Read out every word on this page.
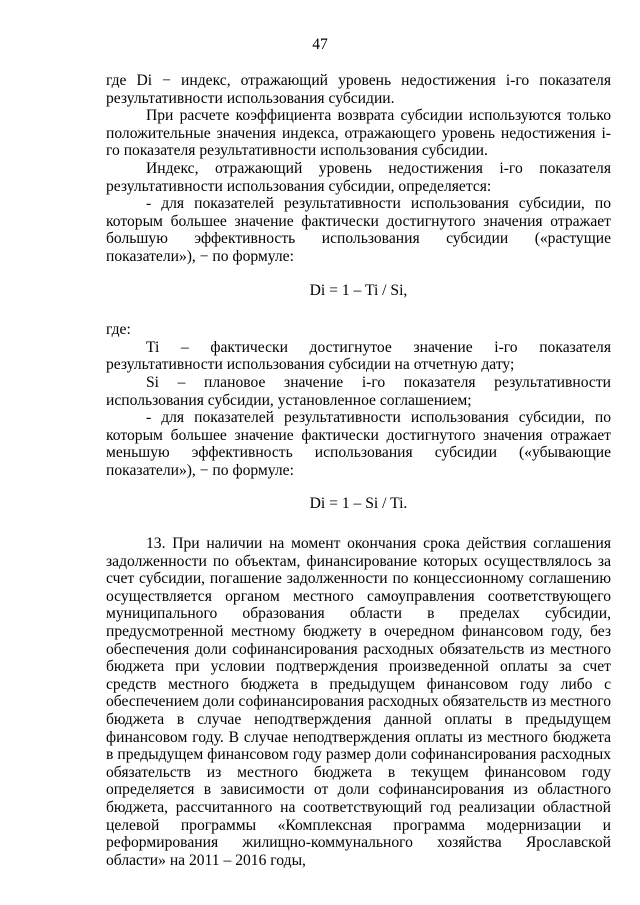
47

где Di − индекс, отражающий уровень недостижения i-го показателя результативности использования субсидии.

При расчете коэффициента возврата субсидии используются только положительные значения индекса, отражающего уровень недостижения i-го показателя результативности использования субсидии.

Индекс, отражающий уровень недостижения i-го показателя результативности использования субсидии, определяется:

- для показателей результативности использования субсидии, по которым большее значение фактически достигнутого значения отражает большую эффективность использования субсидии («растущие показатели»), − по формуле:

Di = 1 – Ti / Si,

где:

Ti – фактически достигнутое значение i-го показателя результативности использования субсидии на отчетную дату;

Si – плановое значение i-го показателя результативности использования субсидии, установленное соглашением;

- для показателей результативности использования субсидии, по которым большее значение фактически достигнутого значения отражает меньшую эффективность использования субсидии («убывающие показатели»), − по формуле:

Di = 1 – Si / Ti.

13. При наличии на момент окончания срока действия соглашения задолженности по объектам, финансирование которых осуществлялось за счет субсидии, погашение задолженности по концессионному соглашению осуществляется органом местного самоуправления соответствующего муниципального образования области в пределах субсидии, предусмотренной местному бюджету в очередном финансовом году, без обеспечения доли софинансирования расходных обязательств из местного бюджета при условии подтверждения произведенной оплаты за счет средств местного бюджета в предыдущем финансовом году либо с обеспечением доли софинансирования расходных обязательств из местного бюджета в случае неподтверждения данной оплаты в предыдущем финансовом году. В случае неподтверждения оплаты из местного бюджета в предыдущем финансовом году размер доли софинансирования расходных обязательств из местного бюджета в текущем финансовом году определяется в зависимости от доли софинансирования из областного бюджета, рассчитанного на соответствующий год реализации областной целевой программы «Комплексная программа модернизации и реформирования жилищно-коммунального хозяйства Ярославской области» на 2011 – 2016 годы,
